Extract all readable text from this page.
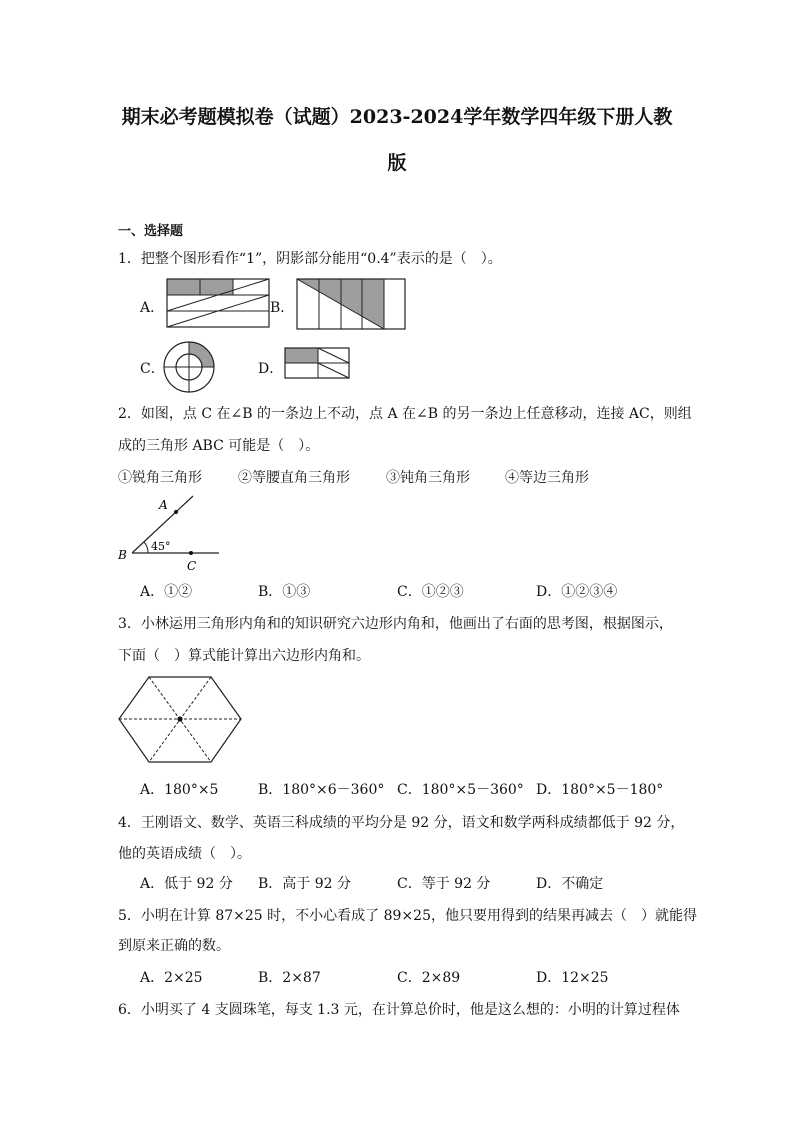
期末必考题模拟卷（试题）2023-2024学年数学四年级下册人教
版
一、选择题
1．把整个图形看作“1”，阴影部分能用“0.4”表示的是（　）。
A．	B．
C．	D．
2．如图，点 C 在∠B 的一条边上不动，点 A 在∠B 的另一条边上任意移动，连接 AC，则组
成的三角形 ABC 可能是（　）。
①锐角三角形	②等腰直角三角形	③钝角三角形	④等边三角形
A
B
C
45°
A．①②	B．①③	C．①②③	D．①②③④
3．小林运用三角形内角和的知识研究六边形内角和，他画出了右面的思考图，根据图示，
下面（　）算式能计算出六边形内角和。
A．180°×5	B．180°×6－360° C．180°×5－360° D．180°×5－180°
4．王刚语文、数学、英语三科成绩的平均分是 92 分，语文和数学两科成绩都低于 92 分，
他的英语成绩（　）。
A．低于 92 分 B．高于 92 分	C．等于 92 分	D．不确定
5．小明在计算 87×25 时，不小心看成了 89×25，他只要用得到的结果再减去（　）就能得
到原来正确的数。
A．2×25	B．2×87	C．2×89	D．12×25
6．小明买了 4 支圆珠笔，每支 1.3 元，在计算总价时，他是这么想的：小明的计算过程体
